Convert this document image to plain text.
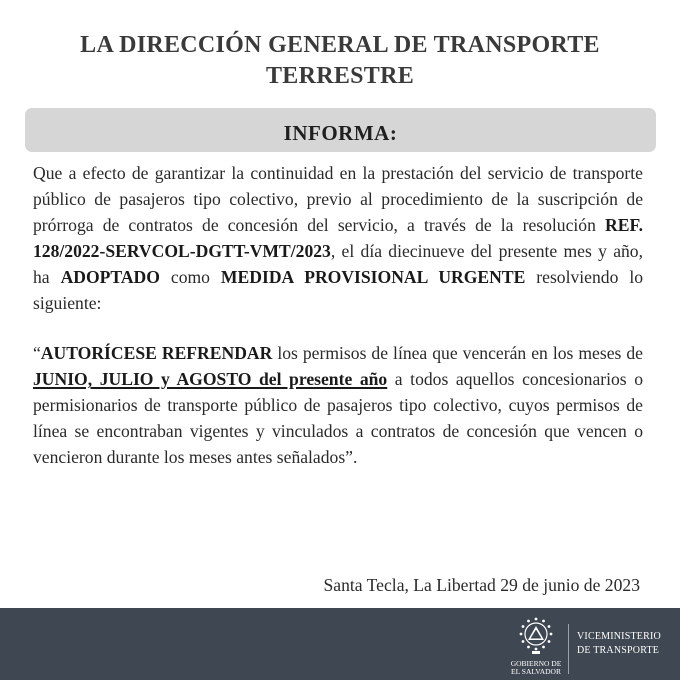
LA DIRECCIÓN GENERAL DE TRANSPORTE
TERRESTRE
INFORMA:
Que a efecto de garantizar la continuidad en la prestación del servicio de transporte público de pasajeros tipo colectivo, previo al procedimiento de la suscripción de prórroga de contratos de concesión del servicio, a través de la resolución REF. 128/2022-SERVCOL-DGTT-VMT/2023, el día diecinueve del presente mes y año, ha ADOPTADO como MEDIDA PROVISIONAL URGENTE resolviendo lo siguiente:
“AUTORÍCESE REFRENDAR los permisos de línea que vencerán en los meses de JUNIO, JULIO y AGOSTO del presente año a todos aquellos concesionarios o permisionarios de transporte público de pasajeros tipo colectivo, cuyos permisos de línea se encontraban vigentes y vinculados a contratos de concesión que vencen o vencieron durante los meses antes señalados”.
Santa Tecla, La Libertad 29 de junio de 2023
GOBIERNO DE
EL SALVADOR
VICEMINISTERIO
DE TRANSPORTE
